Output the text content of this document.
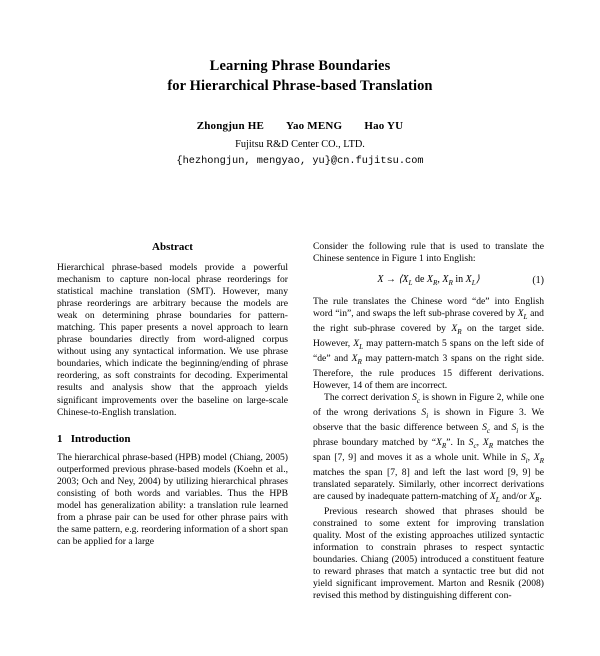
Learning Phrase Boundaries
for Hierarchical Phrase-based Translation
Zhongjun HE Yao MENG Hao YU
Fujitsu R&D Center CO., LTD.
{hezhongjun, mengyao, yu}@cn.fujitsu.com
Abstract

Hierarchical phrase-based models provide a powerful mechanism to capture non-local phrase reorderings for statistical machine translation (SMT). However, many phrase reorderings are arbitrary because the models are weak on determining phrase boundaries for pattern-matching. This paper presents a novel approach to learn phrase boundaries directly from word-aligned corpus without using any syntactical information. We use phrase boundaries, which indicate the beginning/ending of phrase reordering, as soft constraints for decoding. Experimental results and analysis show that the approach yields significant improvements over the baseline on large-scale Chinese-to-English translation.

1 Introduction

The hierarchical phrase-based (HPB) model (Chiang, 2005) outperformed previous phrase-based models (Koehn et al., 2003; Och and Ney, 2004) by utilizing hierarchical phrases consisting of both words and variables. Thus the HPB model has generalization ability: a translation rule learned from a phrase pair can be used for other phrase pairs with the same pattern, e.g. reordering information of a short span can be applied for a large

Consider the following rule that is used to translate the Chinese sentence in Figure 1 into English:

$X \to ⟨X_L$ de $X_R$, $X_R$ in $X_L⟩$	(1)

The rule translates the Chinese word “de” into English word “in”, and swaps the left sub-phrase covered by $X_L$ and the right sub-phrase covered by $X_R$ on the target side. However, $X_L$ may pattern-match 5 spans on the left side of “de” and $X_R$ may pattern-match 3 spans on the right side. Therefore, the rule produces 15 different derivations. However, 14 of them are incorrect.

The correct derivation $S_c$ is shown in Figure 2, while one of the wrong derivations $S_i$ is shown in Figure 3. We observe that the basic difference between $S_c$ and $S_i$ is the phrase boundary matched by “$X_R$”. In $S_c$, $X_R$ matches the span [7, 9] and moves it as a whole unit. While in $S_i$, $X_R$ matches the span [7, 8] and left the last word [9, 9] be translated separately. Similarly, other incorrect derivations are caused by inadequate pattern-matching of $X_L$ and/or $X_R$.

Previous research showed that phrases should be constrained to some extent for improving translation quality. Most of the existing approaches utilized syntactic information to constrain phrases to respect syntactic boundaries. Chiang (2005) introduced a constituent feature to reward phrases that match a syntactic tree but did not yield significant improvement. Marton and Resnik (2008) revised this method by distinguishing different con-
